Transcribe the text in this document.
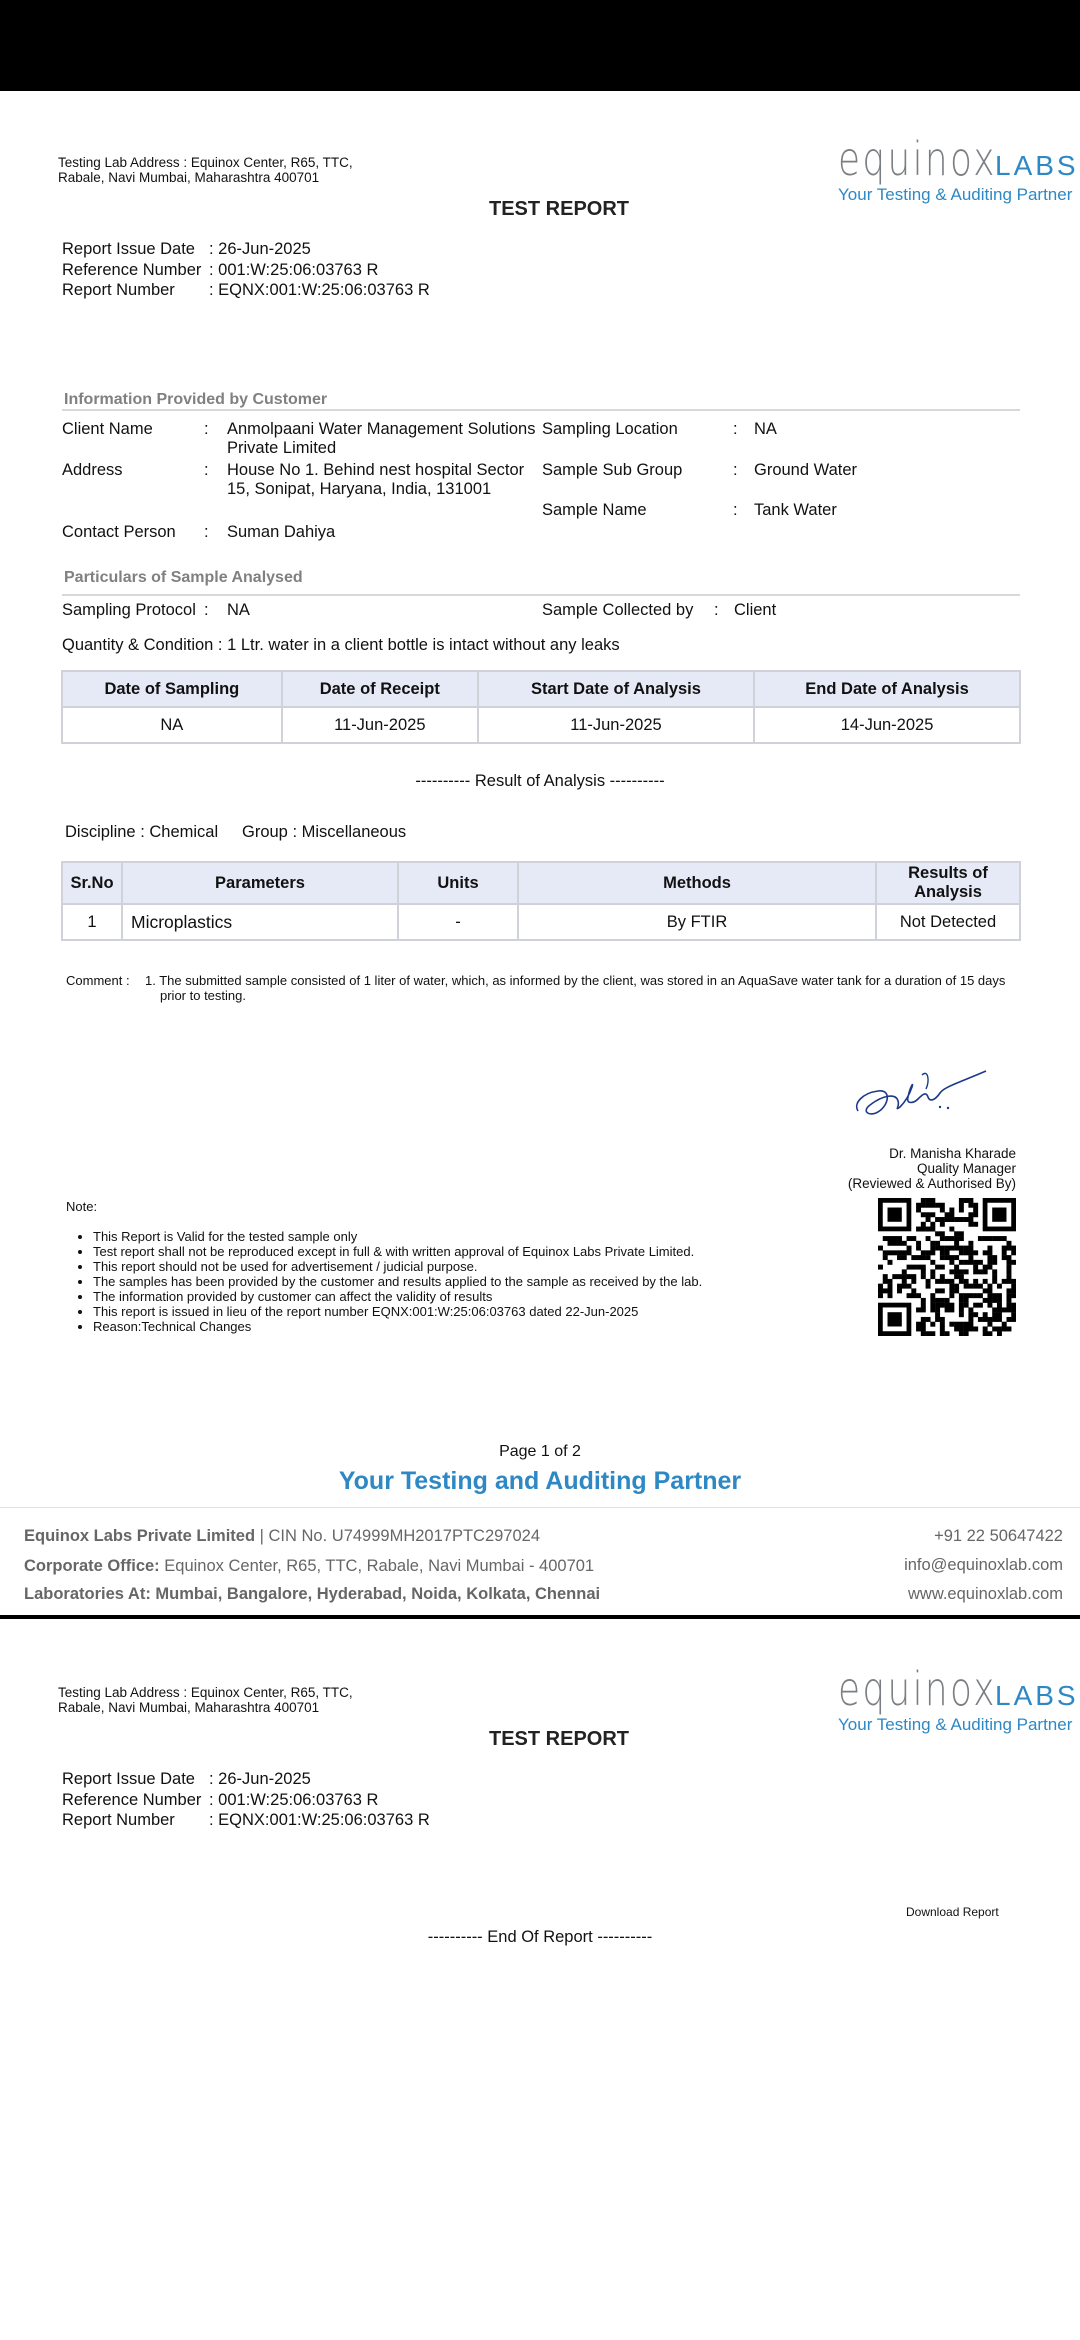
Testing Lab Address : Equinox Center, R65, TTC, Rabale, Navi Mumbai, Maharashtra 400701	equinox
LABS
Your Testing & Auditing Partner
TEST REPORT
Report Issue Date : 26-Jun-2025
Reference Number : 001:W:25:06:03763 R
Report Number : EQNX:001:W:25:06:03763 R
Information Provided by Customer
Client Name	: Anmolpaani Water Management Solutions Private Limited
Address	: House No 1. Behind nest hospital Sector 15, Sonipat, Haryana, India, 131001
Contact Person : Suman Dahiya
Sampling Location	: NA
Sample Sub Group	: Ground Water
Sample Name	: Tank Water
Particulars of Sample Analysed
Sampling Protocol : NA	Sample Collected by : Client
Quantity & Condition : 1 Ltr. water in a client bottle is intact without any leaks
Date of Sampling	Date of Receipt	Start Date of Analysis	End Date of Analysis
NA	11-Jun-2025	11-Jun-2025	14-Jun-2025
---------- Result of Analysis ----------
Discipline : Chemical Group : Miscellaneous
Sr.No	Parameters	Units	Methods	Results of Analysis
1	Microplastics	-	By FTIR	Not Detected
Comment : 1. The submitted sample consisted of 1 liter of water, which, as informed by the client, was stored in an AquaSave water tank for a duration of 15 days prior to testing.
Dr. Manisha Kharade
Quality Manager
(Reviewed & Authorised By)
Note:
• This Report is Valid for the tested sample only
• Test report shall not be reproduced except in full & with written approval of Equinox Labs Private Limited.
• This report should not be used for advertisement / judicial purpose.
• The samples has been provided by the customer and results applied to the sample as received by the lab.
• The information provided by customer can affect the validity of results
• This report is issued in lieu of the report number EQNX:001:W:25:06:03763 dated 22-Jun-2025
• Reason:Technical Changes
Page 1 of 2
Your Testing and Auditing Partner
Equinox Labs Private Limited | CIN No. U74999MH2017PTC297024
Corporate Office: Equinox Center, R65, TTC, Rabale, Navi Mumbai - 400701
Laboratories At: Mumbai, Bangalore, Hyderabad, Noida, Kolkata, Chennai
+91 22 50647422
info@equinoxlab.com
www.equinoxlab.com
Testing Lab Address : Equinox Center, R65, TTC, Rabale, Navi Mumbai, Maharashtra 400701	equinox
LABS
Your Testing & Auditing Partner
TEST REPORT
Report Issue Date : 26-Jun-2025
Reference Number : 001:W:25:06:03763 R
Report Number : EQNX:001:W:25:06:03763 R
Download Report
---------- End Of Report ----------
